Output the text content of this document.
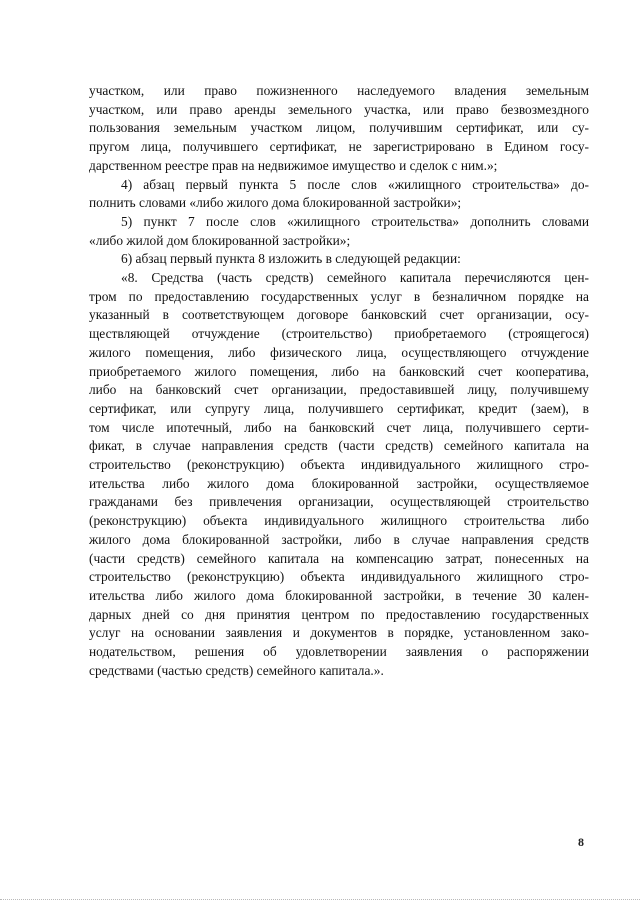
участком, или право пожизненного наследуемого владения земельным
участком, или право аренды земельного участка, или право безвозмездного
пользования земельным участком лицом, получившим сертификат, или су-
пругом лица, получившего сертификат, не зарегистрировано в Едином госу-
дарственном реестре прав на недвижимое имущество и сделок с ним.»;

4) абзац первый пункта 5 после слов «жилищного строительства» до-
полнить словами «либо жилого дома блокированной застройки»;

5) пункт 7 после слов «жилищного строительства» дополнить словами
«либо жилой дом блокированной застройки»;

6) абзац первый пункта 8 изложить в следующей редакции:

«8. Средства (часть средств) семейного капитала перечисляются цен-
тром по предоставлению государственных услуг в безналичном порядке на
указанный в соответствующем договоре банковский счет организации, осу-
ществляющей отчуждение (строительство) приобретаемого (строящегося)
жилого помещения, либо физического лица, осуществляющего отчуждение
приобретаемого жилого помещения, либо на банковский счет кооператива,
либо на банковский счет организации, предоставившей лицу, получившему
сертификат, или супругу лица, получившего сертификат, кредит (заем), в
том числе ипотечный, либо на банковский счет лица, получившего серти-
фикат, в случае направления средств (части средств) семейного капитала на
строительство (реконструкцию) объекта индивидуального жилищного стро-
ительства либо жилого дома блокированной застройки, осуществляемое
гражданами без привлечения организации, осуществляющей строительство
(реконструкцию) объекта индивидуального жилищного строительства либо
жилого дома блокированной застройки, либо в случае направления средств
(части средств) семейного капитала на компенсацию затрат, понесенных на
строительство (реконструкцию) объекта индивидуального жилищного стро-
ительства либо жилого дома блокированной застройки, в течение 30 кален-
дарных дней со дня принятия центром по предоставлению государственных
услуг на основании заявления и документов в порядке, установленном зако-
нодательством, решения об удовлетворении заявления о распоряжении
средствами (частью средств) семейного капитала.».

8
